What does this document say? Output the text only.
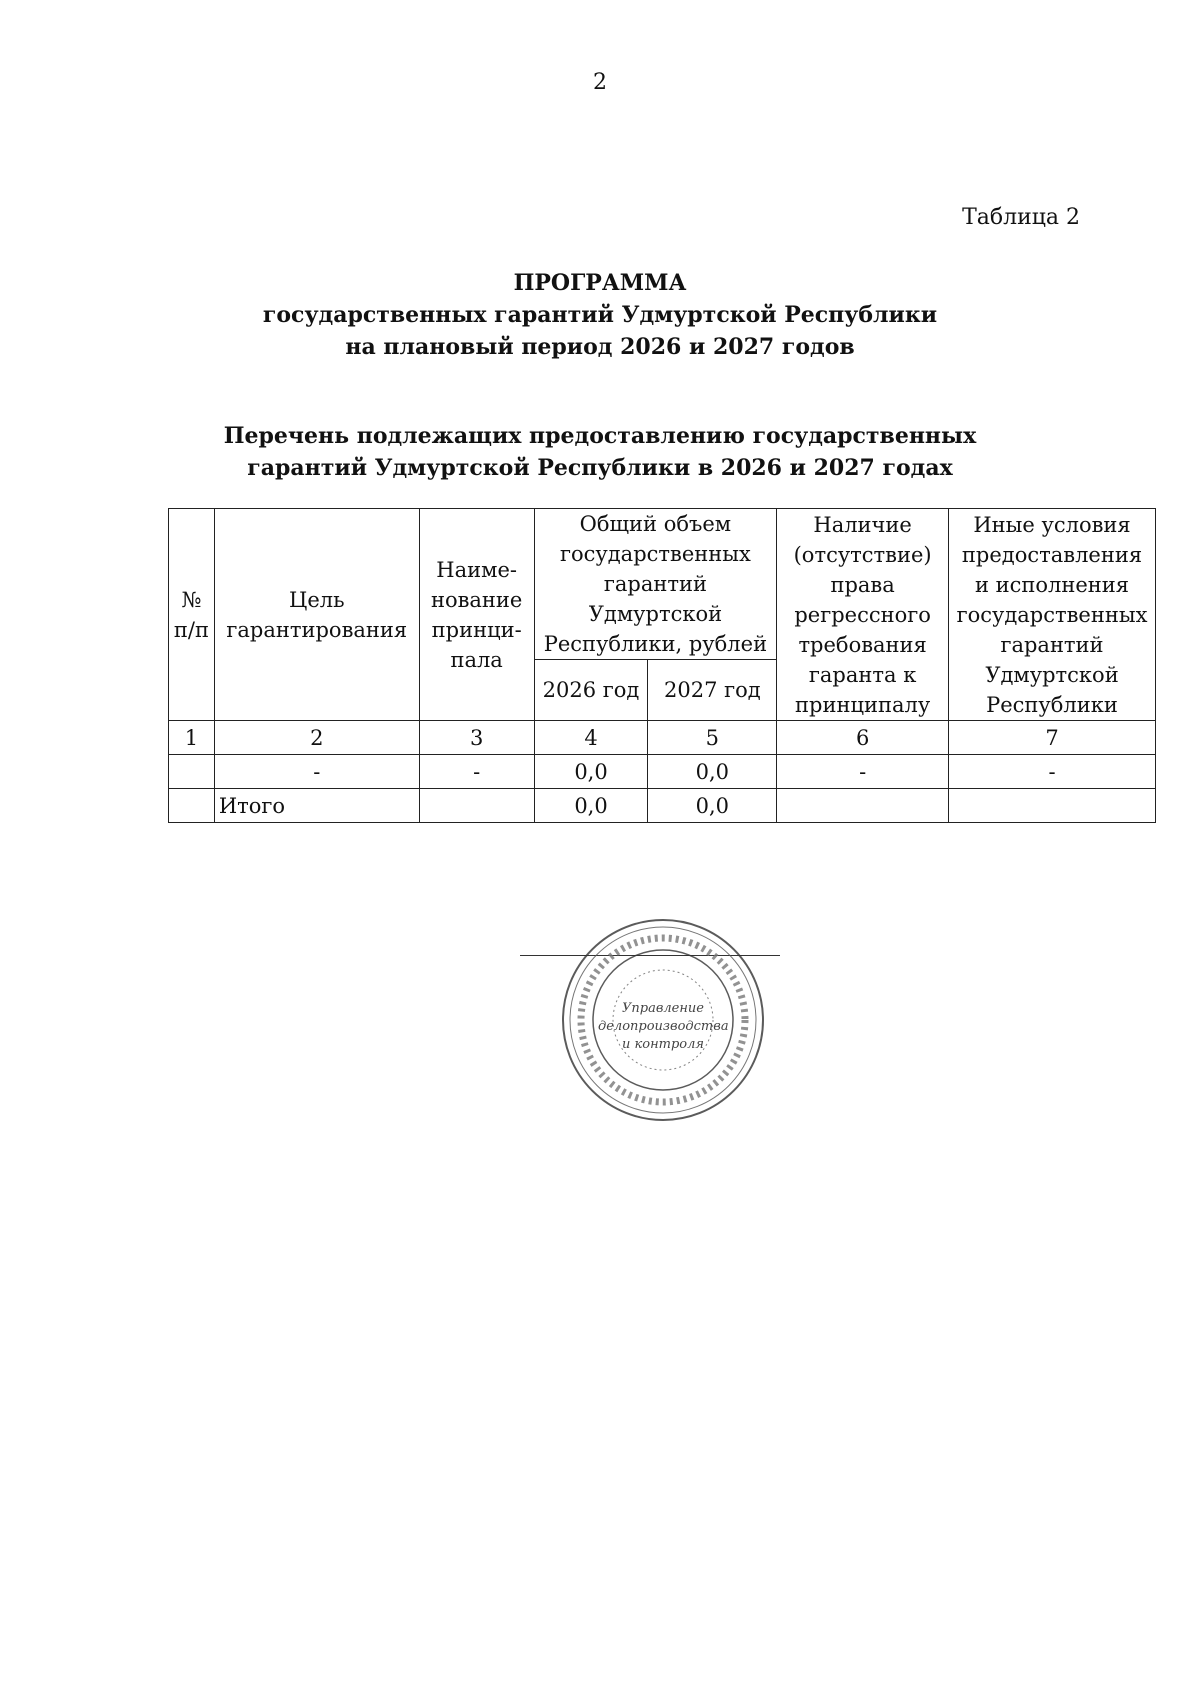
2
Таблица 2
ПРОГРАММА
государственных гарантий Удмуртской Республики
на плановый период 2026 и 2027 годов
Перечень подлежащих предоставлению государственных
гарантий Удмуртской Республики в 2026 и 2027 годах
№ п/п	Цель гарантирования	Наиме- нование принци- пала	Общий объем государственных гарантий Удмуртской Республики, рублей		Наличие (отсутствие) права регрессного требования гаранта к принципалу	Иные условия предоставления и исполнения государственных гарантий Удмуртской Республики
			2026 год	2027 год		
1	2	3	4	5	6	7
	-	-	0,0	0,0	-	-
	Итого		0,0	0,0		
Управление делопроизводства и контроля
